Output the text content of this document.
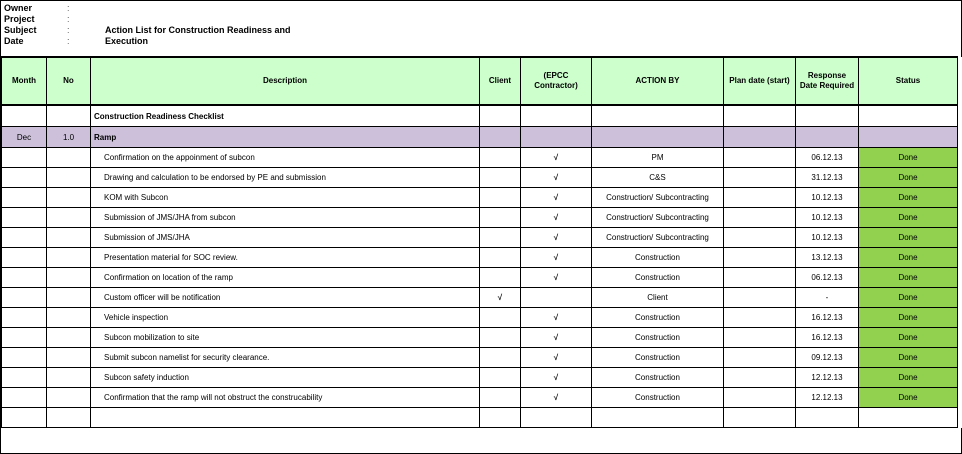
Owner	:
Project	:
Subject	:	Action List for Construction Readiness and Execution
Date	:
Month	No	Description	Client	(EPCC Contractor)	ACTION BY	Plan date (start)	Response Date Required	Status	
		Construction Readiness Checklist							
Dec	1.0	Ramp							
		Confirmation on the appoinment of subcon		√	PM		06.12.13	Done	
		Drawing and calculation to be endorsed by PE and submission		√	C&S		31.12.13	Done	
		KOM with Subcon		√	Construction/ Subcontracting		10.12.13	Done	
		Submission of JMS/JHA from subcon		√	Construction/ Subcontracting		10.12.13	Done	
		Submission of JMS/JHA		√	Construction/ Subcontracting		10.12.13	Done	
		Presentation material for SOC review.		√	Construction		13.12.13	Done	
		Confirmation on location of the ramp		√	Construction		06.12.13	Done	
		Custom officer will be notification	√		Client		-	Done	
		Vehicle inspection		√	Construction		16.12.13	Done	
		Subcon mobilization to site		√	Construction		16.12.13	Done	
		Submit subcon namelist for security clearance.		√	Construction		09.12.13	Done	
		Subcon safety induction		√	Construction		12.12.13	Done	
		Confirmation that the ramp will not obstruct the construcability		√	Construction		12.12.13	Done	
